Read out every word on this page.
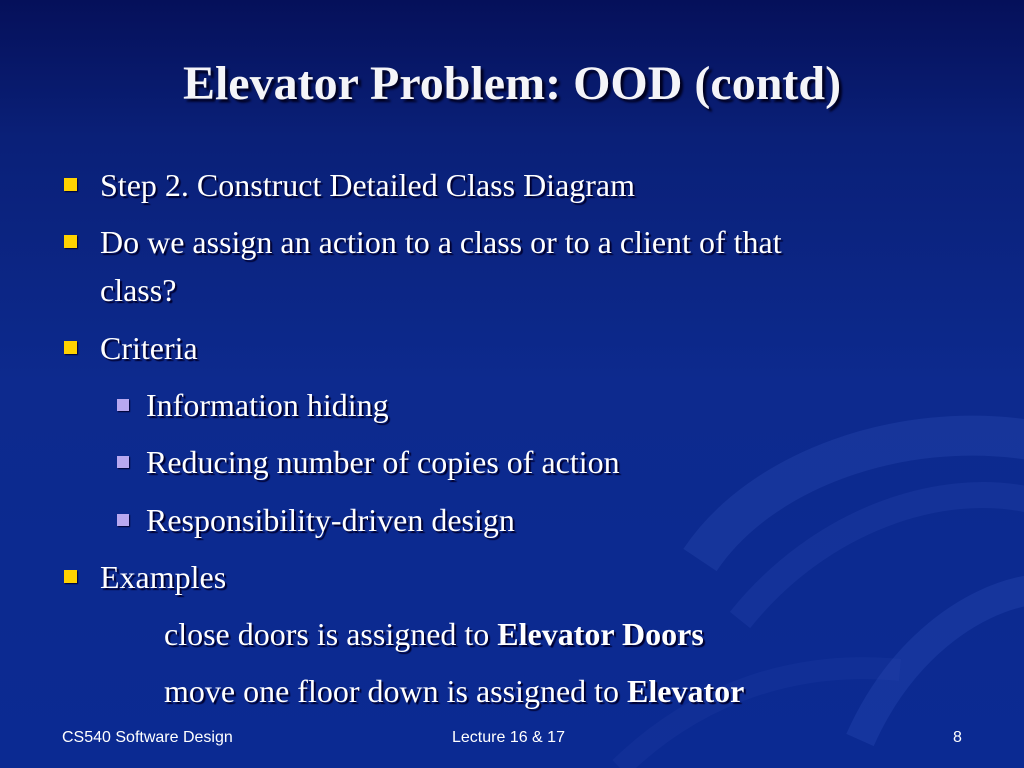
Elevator Problem: OOD (contd)
Step 2. Construct Detailed Class Diagram
Do we assign an action to a class or to a client of that
class?
Criteria
Information hiding
Reducing number of copies of action
Responsibility-driven design
Examples
close doors is assigned to Elevator Doors
move one floor down is assigned to Elevator
CS540 Software Design	Lecture 16 & 17	8
